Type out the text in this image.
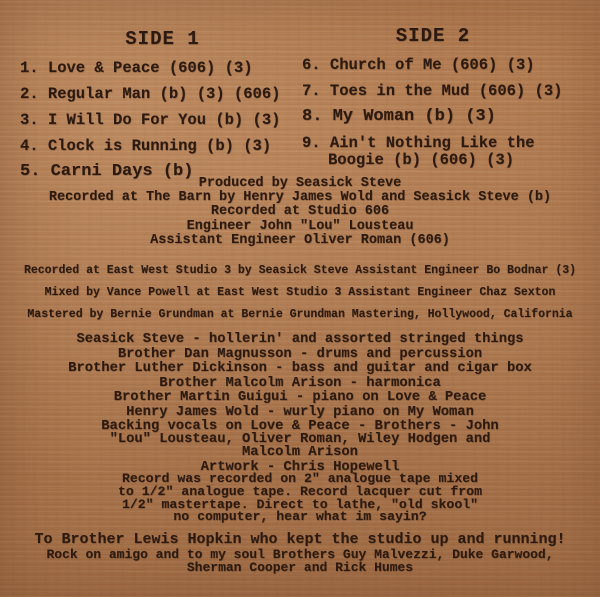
SIDE 1
1. Love & Peace (606) (3)
2. Regular Man (b) (3) (606)
3. I Will Do For You (b) (3)
4. Clock is Running (b) (3)
5. Carni Days (b)
SIDE 2
6. Church of Me (606) (3)
7. Toes in the Mud (606) (3)
8. My Woman (b) (3)
9. Ain't Nothing Like the Boogie (b) (606) (3)
Produced by Seasick Steve
Recorded at The Barn by Henry James Wold and Seasick Steve (b)
Recorded at Studio 606
Engineer John "Lou" Lousteau
Assistant Engineer Oliver Roman (606)
Recorded at East West Studio 3 by Seasick Steve Assistant Engineer Bo Bodnar (3)
Mixed by Vance Powell at East West Studio 3 Assistant Engineer Chaz Sexton
Mastered by Bernie Grundman at Bernie Grundman Mastering, Hollywood, California
Seasick Steve - hollerin' and assorted stringed things
Brother Dan Magnusson - drums and percussion
Brother Luther Dickinson - bass and guitar and cigar box
Brother Malcolm Arison - harmonica
Brother Martin Guigui - piano on Love & Peace
Henry James Wold - wurly piano on My Woman
Backing vocals on Love & Peace - Brothers - John
"Lou" Lousteau, Oliver Roman, Wiley Hodgen and
Malcolm Arison
Artwork - Chris Hopewell
Record was recorded on 2" analogue tape mixed
to 1/2" analogue tape. Record lacquer cut from
1/2" mastertape. Direct to lathe, "old skool"
no computer, hear what im sayin?
To Brother Lewis Hopkin who kept the studio up and running!
Rock on amigo and to my soul Brothers Guy Malvezzi, Duke Garwood,
Sherman Cooper and Rick Humes
